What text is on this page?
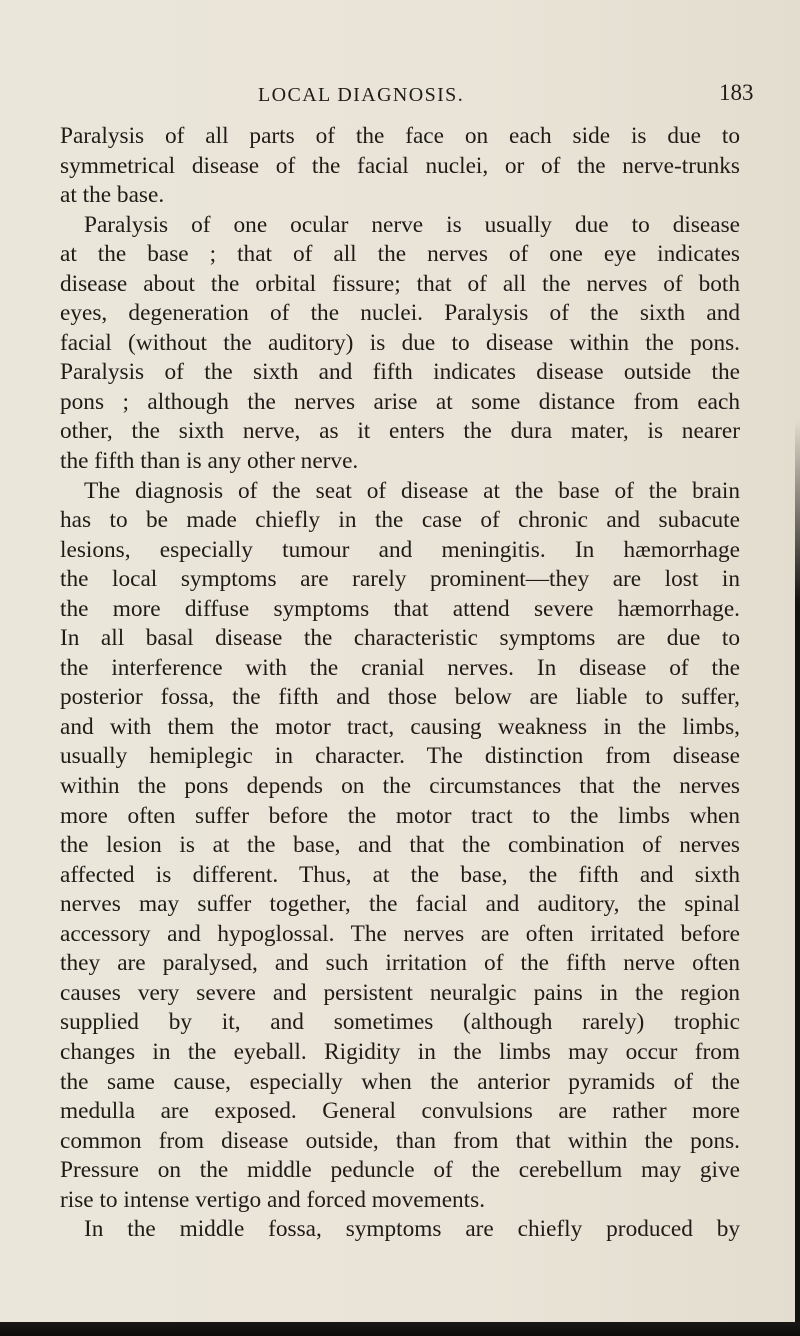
LOCAL DIAGNOSIS.	183
Paralysis of all parts of the face on each side is due to
symmetrical disease of the facial nuclei, or of the nerve-trunks
at the base.
Paralysis of one ocular nerve is usually due to disease
at the base ; that of all the nerves of one eye indicates
disease about the orbital fissure; that of all the nerves of both
eyes, degeneration of the nuclei. Paralysis of the sixth and
facial (without the auditory) is due to disease within the pons.
Paralysis of the sixth and fifth indicates disease outside the
pons ; although the nerves arise at some distance from each
other, the sixth nerve, as it enters the dura mater, is nearer
the fifth than is any other nerve.
The diagnosis of the seat of disease at the base of the brain
has to be made chiefly in the case of chronic and subacute
lesions, especially tumour and meningitis. In hæmorrhage
the local symptoms are rarely prominent—they are lost in
the more diffuse symptoms that attend severe hæmorrhage.
In all basal disease the characteristic symptoms are due to
the interference with the cranial nerves. In disease of the
posterior fossa, the fifth and those below are liable to suffer,
and with them the motor tract, causing weakness in the limbs,
usually hemiplegic in character. The distinction from disease
within the pons depends on the circumstances that the nerves
more often suffer before the motor tract to the limbs when
the lesion is at the base, and that the combination of nerves
affected is different. Thus, at the base, the fifth and sixth
nerves may suffer together, the facial and auditory, the spinal
accessory and hypoglossal. The nerves are often irritated before
they are paralysed, and such irritation of the fifth nerve often
causes very severe and persistent neuralgic pains in the region
supplied by it, and sometimes (although rarely) trophic
changes in the eyeball. Rigidity in the limbs may occur from
the same cause, especially when the anterior pyramids of the
medulla are exposed. General convulsions are rather more
common from disease outside, than from that within the pons.
Pressure on the middle peduncle of the cerebellum may give
rise to intense vertigo and forced movements.
In the middle fossa, symptoms are chiefly produced by
